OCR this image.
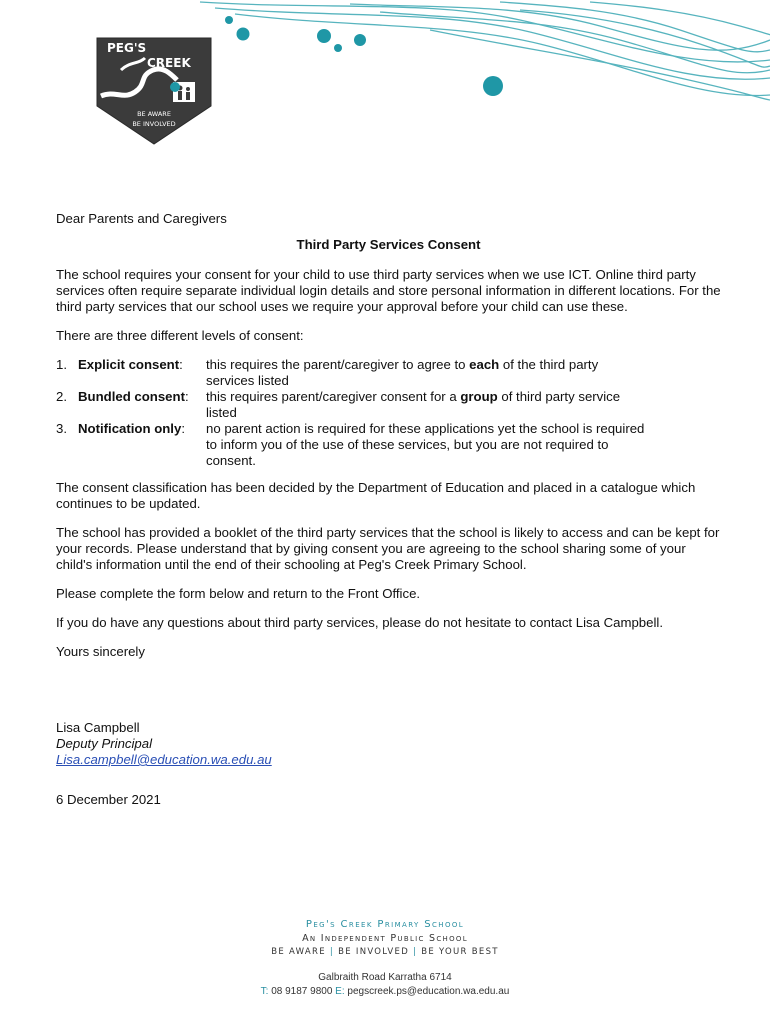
PEG'S
CREEK
BE AWARE
BE INVOLVED

Dear Parents and Caregivers

Third Party Services Consent

The school requires your consent for your child to use third party services when we use ICT. Online third party services often require separate individual login details and store personal information in different locations. For the third party services that our school uses we require your approval before your child can use these.

There are three different levels of consent:

1. Explicit consent:	this requires the parent/caregiver to agree to each of the third party services listed
2. Bundled consent:	this requires parent/caregiver consent for a group of third party service listed
3. Notification only:	no parent action is required for these applications yet the school is required to inform you of the use of these services, but you are not required to consent.

The consent classification has been decided by the Department of Education and placed in a catalogue which continues to be updated.

The school has provided a booklet of the third party services that the school is likely to access and can be kept for your records. Please understand that by giving consent you are agreeing to the school sharing some of your child's information until the end of their schooling at Peg's Creek Primary School.

Please complete the form below and return to the Front Office.

If you do have any questions about third party services, please do not hesitate to contact Lisa Campbell.

Yours sincerely

Lisa Campbell

Deputy Principal

Lisa.campbell@education.wa.edu.au

6 December 2021

Peg's Creek Primary School

An Independent Public School

BE AWARE | BE INVOLVED | BE YOUR BEST

Galbraith Road Karratha 6714

T: 08 9187 9800 E: pegscreek.ps@education.wa.edu.au
